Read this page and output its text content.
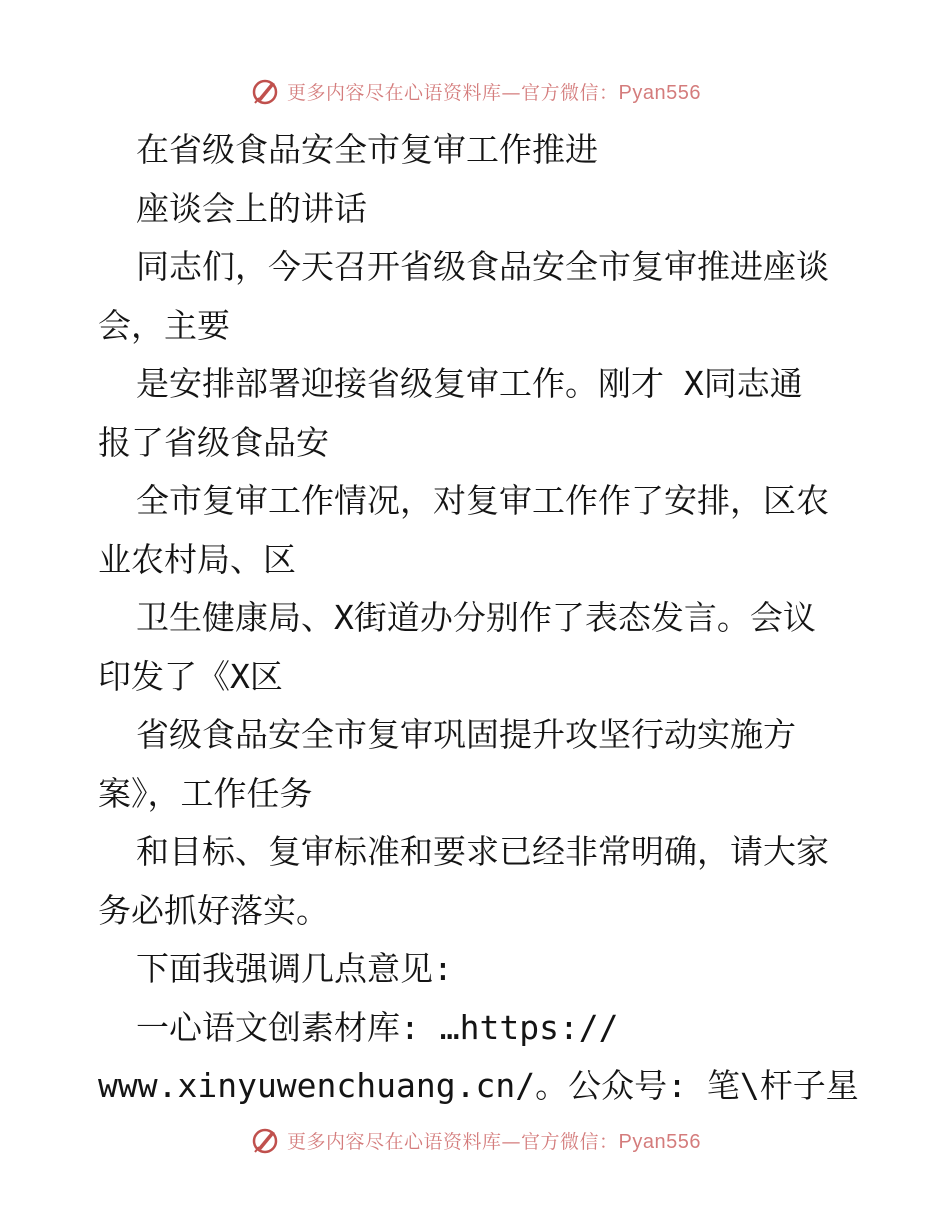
更多内容尽在心语资料库—官方微信：Pyan556
在省级食品安全市复审工作推进
座谈会上的讲话
同志们，今天召开省级食品安全市复审推进座谈
会，主要
是安排部署迎接省级复审工作。刚才 X同志通
报了省级食品安
全市复审工作情况，对复审工作作了安排，区农
业农村局、区
卫生健康局、X街道办分别作了表态发言。会议
印发了《X区
省级食品安全市复审巩固提升攻坚行动实施方
案》，工作任务
和目标、复审标准和要求已经非常明确，请大家
务必抓好落实。
下面我强调几点意见:
一心语文创素材库: …https://
www.xinyuwenchuang.cn/。公众号: 笔\杆子星
更多内容尽在心语资料库—官方微信：Pyan556
